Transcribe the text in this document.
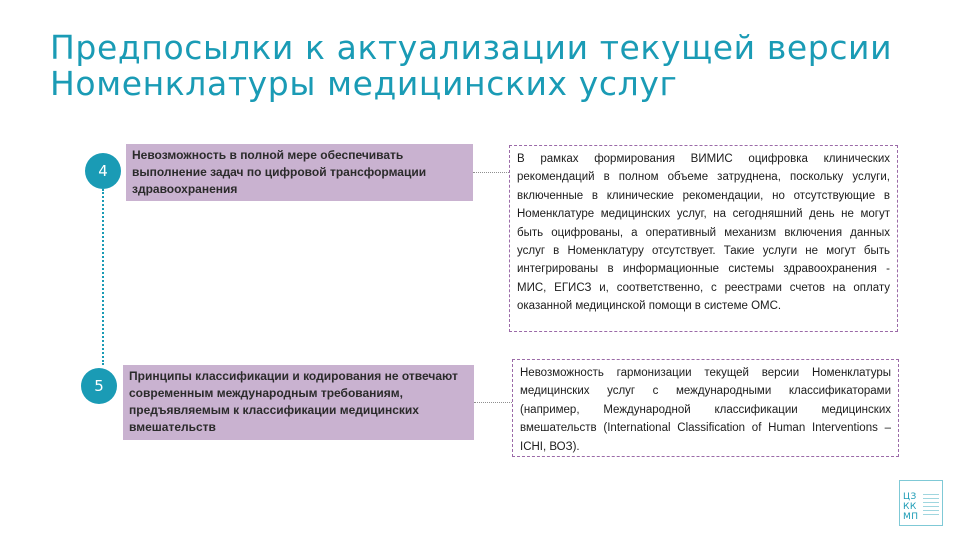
Предпосылки к актуализации текущей версии
Номенклатуры медицинских услуг
4
Невозможность в полной мере обеспечивать выполнение задач по цифровой трансформации здравоохранения
В рамках формирования ВИМИС оцифровка клинических рекомендаций в полном объеме затруднена, поскольку услуги, включенные в клинические рекомендации, но отсутствующие в Номенклатуре медицинских услуг, на сегодняшний день не могут быть оцифрованы, а оперативный механизм включения данных услуг в Номенклатуру отсутствует. Такие услуги не могут быть интегрированы в информационные системы здравоохранения - МИС, ЕГИСЗ и, соответственно, с реестрами счетов на оплату оказанной медицинской помощи в системе ОМС.
5
Принципы классификации и кодирования не отвечают современным международным требованиям, предъявляемым к классификации медицинских вмешательств
Невозможность гармонизации текущей версии Номенклатуры медицинских услуг с международными классификаторами (например, Международной классификации медицинских вмешательств (International Classification of Human Interventions – ICHI, ВОЗ).
ЦЗ
КК
МП
